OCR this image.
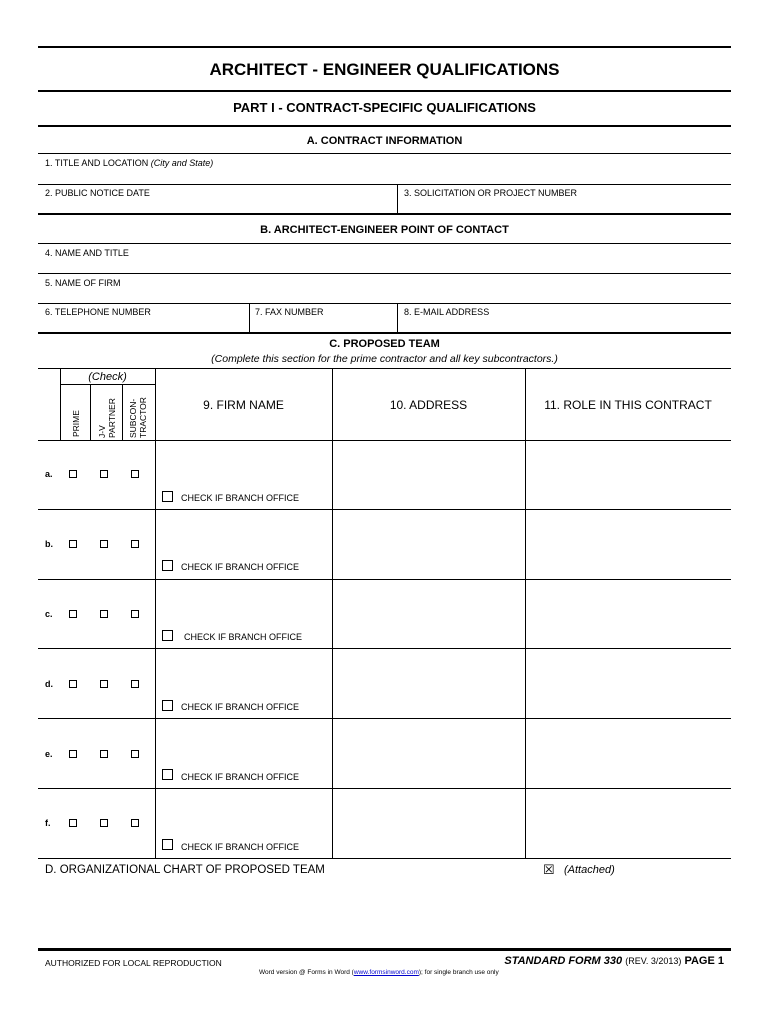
ARCHITECT - ENGINEER QUALIFICATIONS
PART I - CONTRACT-SPECIFIC QUALIFICATIONS
A. CONTRACT INFORMATION
1. TITLE AND LOCATION (City and State)
2. PUBLIC NOTICE DATE	3. SOLICITATION OR PROJECT NUMBER
B. ARCHITECT-ENGINEER POINT OF CONTACT
4. NAME AND TITLE
5. NAME OF FIRM
6. TELEPHONE NUMBER	7. FAX NUMBER	8. E-MAIL ADDRESS
C. PROPOSED TEAM
(Complete this section for the prime contractor and all key subcontractors.)
(Check)
PRIME J-V PARTNER SUBCON- TRACTOR	9. FIRM NAME	10. ADDRESS	11. ROLE IN THIS CONTRACT
a.
CHECK IF BRANCH OFFICE
b.
CHECK IF BRANCH OFFICE
c.
CHECK IF BRANCH OFFICE
d.
CHECK IF BRANCH OFFICE
e.
CHECK IF BRANCH OFFICE
f.
CHECK IF BRANCH OFFICE
D. ORGANIZATIONAL CHART OF PROPOSED TEAM	☒ (Attached)
AUTHORIZED FOR LOCAL REPRODUCTION	STANDARD FORM 330 (REV. 3/2013) PAGE 1
Word version @ Forms in Word (www.formsinword.com); for single branch use only
